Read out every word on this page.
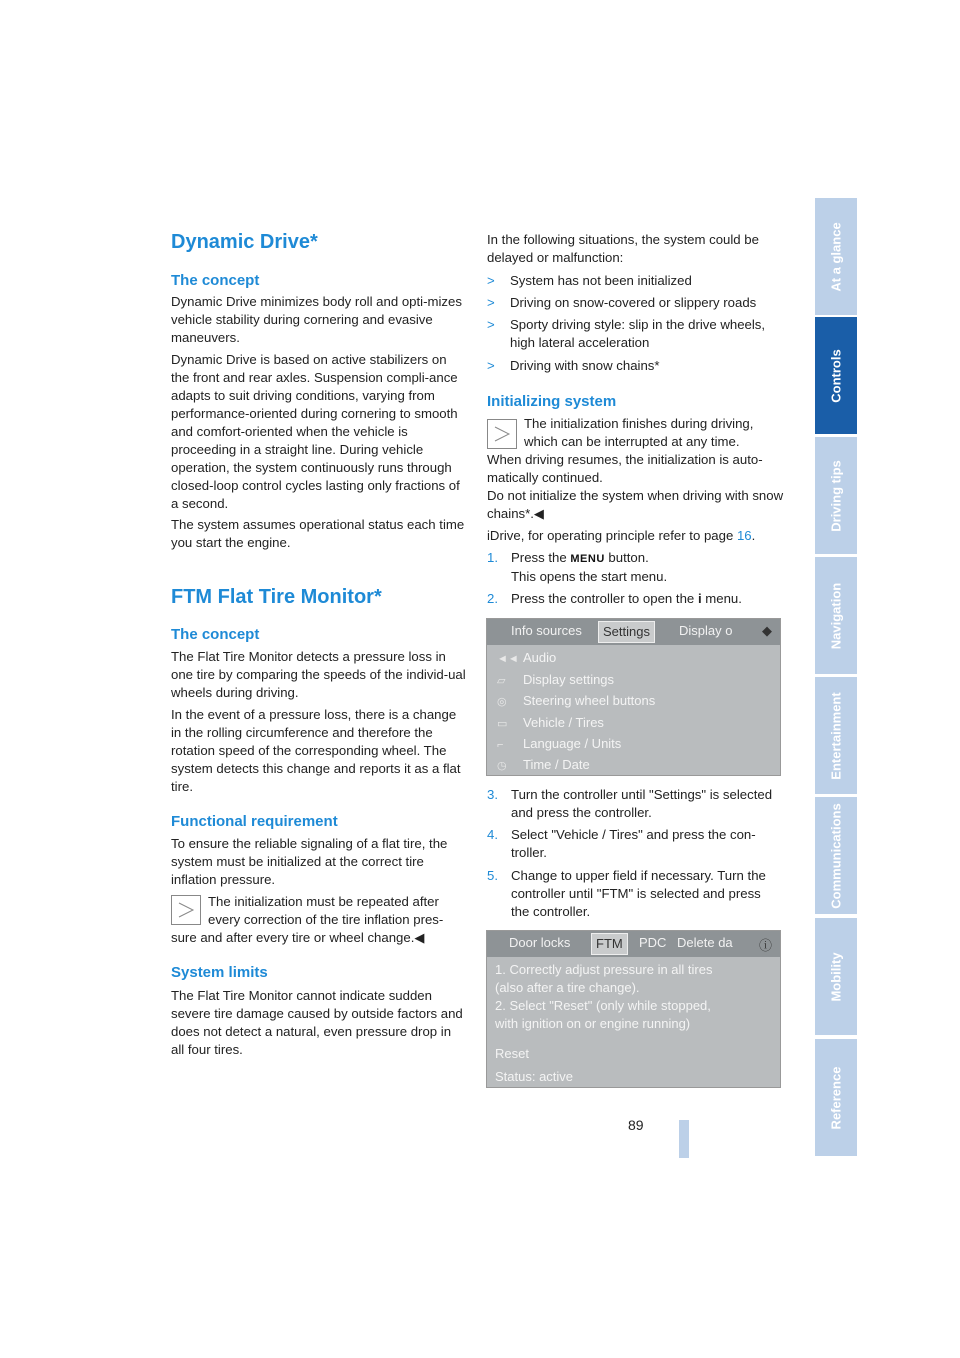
Dynamic Drive*
The concept

Dynamic Drive minimizes body roll and opti-mizes vehicle stability during cornering and evasive maneuvers.

Dynamic Drive is based on active stabilizers on the front and rear axles. Suspension compli-ance adapts to suit driving conditions, varying from performance-oriented during cornering to smooth and comfort-oriented when the vehicle is proceeding in a straight line. During vehicle operation, the system continuously runs through closed-loop control cycles lasting only fractions of a second.

The system assumes operational status each time you start the engine.

FTM Flat Tire Monitor*
The concept

The Flat Tire Monitor detects a pressure loss in one tire by comparing the speeds of the individ-ual wheels during driving.

In the event of a pressure loss, there is a change in the rolling circumference and therefore the rotation speed of the corresponding wheel. The system detects this change and reports it as a flat tire.

Functional requirement

To ensure the reliable signaling of a flat tire, the system must be initialized at the correct tire inflation pressure.

The initialization must be repeated after

every correction of the tire inflation pres-

sure and after every tire or wheel change.◀

System limits

The Flat Tire Monitor cannot indicate sudden severe tire damage caused by outside factors and does not detect a natural, even pressure drop in all four tires.

In the following situations, the system could be delayed or malfunction:

> System has not been initialized
> Driving on snow-covered or slippery roads
> Sporty driving style: slip in the drive wheels, high lateral acceleration
> Driving with snow chains*
Initializing system

The initialization finishes during driving,

which can be interrupted at any time.

When driving resumes, the initialization is auto-matically continued.

Do not initialize the system when driving with snow chains*.◀

iDrive, for operating principle refer to page 16.

1. Press the MENU button.
This opens the start menu.
2. Press the controller to open the i menu.
Info sources	Settings	Display o ◆
◄◄ Audio
▱ Display settings
◎ Steering wheel buttons
▭ Vehicle / Tires
⌐ Language / Units
◷ Time / Date
3. Turn the controller until "Settings" is selected and press the controller.
4. Select "Vehicle / Tires" and press the con-troller.
5. Change to upper field if necessary. Turn the controller until "FTM" is selected and press the controller.
Door locks	FTM	PDC Delete da ⓘ
1. Correctly adjust pressure in all tires
(also after a tire change).
2. Select "Reset" (only while stopped,
with ignition on or engine running)
Reset
Status: active
At a glance
Controls
Driving tips
Navigation
Entertainment
Communications
Mobility
Reference
89
